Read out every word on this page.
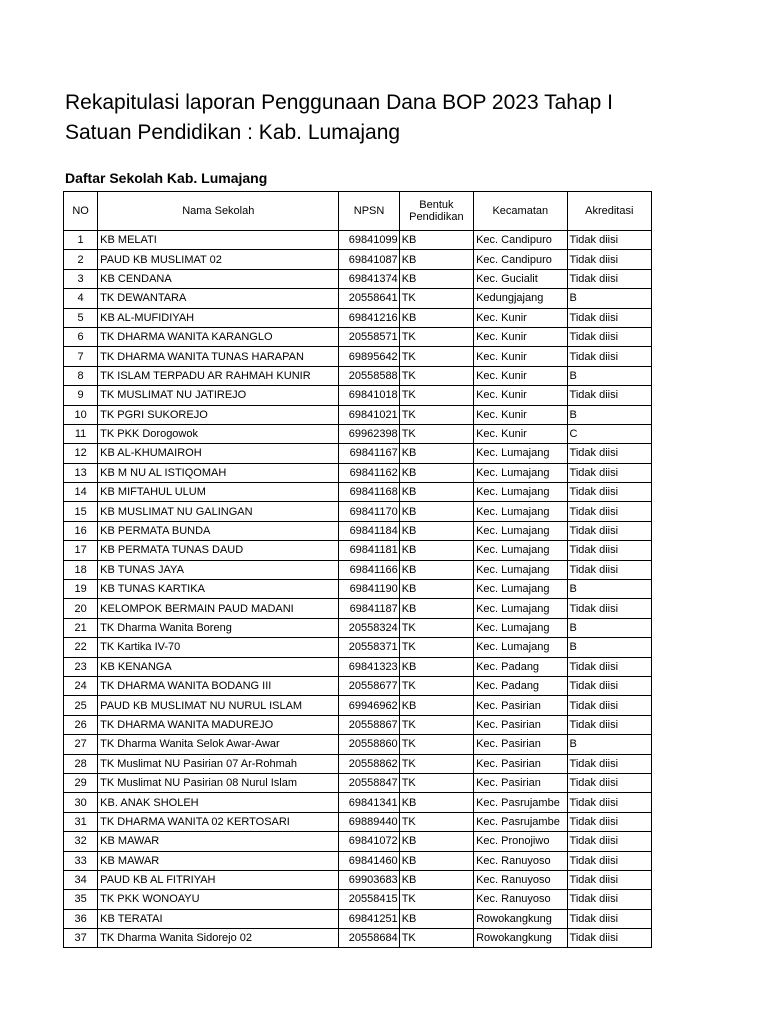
Rekapitulasi laporan Penggunaan Dana BOP 2023 Tahap I
Satuan Pendidikan : Kab. Lumajang
Daftar Sekolah Kab. Lumajang
NO	Nama Sekolah	NPSN	Bentuk Pendidikan	Kecamatan	Akreditasi
1	KB MELATI	69841099	KB	Kec. Candipuro	Tidak diisi
2	PAUD KB MUSLIMAT 02	69841087	KB	Kec. Candipuro	Tidak diisi
3	KB CENDANA	69841374	KB	Kec. Gucialit	Tidak diisi
4	TK DEWANTARA	20558641	TK	Kedungjajang	B
5	KB AL-MUFIDIYAH	69841216	KB	Kec. Kunir	Tidak diisi
6	TK DHARMA WANITA KARANGLO	20558571	TK	Kec. Kunir	Tidak diisi
7	TK DHARMA WANITA TUNAS HARAPAN	69895642	TK	Kec. Kunir	Tidak diisi
8	TK ISLAM TERPADU AR RAHMAH KUNIR	20558588	TK	Kec. Kunir	B
9	TK MUSLIMAT NU JATIREJO	69841018	TK	Kec. Kunir	Tidak diisi
10	TK PGRI SUKOREJO	69841021	TK	Kec. Kunir	B
11	TK PKK Dorogowok	69962398	TK	Kec. Kunir	C
12	KB AL-KHUMAIROH	69841167	KB	Kec. Lumajang	Tidak diisi
13	KB M NU AL ISTIQOMAH	69841162	KB	Kec. Lumajang	Tidak diisi
14	KB MIFTAHUL ULUM	69841168	KB	Kec. Lumajang	Tidak diisi
15	KB MUSLIMAT NU GALINGAN	69841170	KB	Kec. Lumajang	Tidak diisi
16	KB PERMATA BUNDA	69841184	KB	Kec. Lumajang	Tidak diisi
17	KB PERMATA TUNAS DAUD	69841181	KB	Kec. Lumajang	Tidak diisi
18	KB TUNAS JAYA	69841166	KB	Kec. Lumajang	Tidak diisi
19	KB TUNAS KARTIKA	69841190	KB	Kec. Lumajang	B
20	KELOMPOK BERMAIN PAUD MADANI	69841187	KB	Kec. Lumajang	Tidak diisi
21	TK Dharma Wanita Boreng	20558324	TK	Kec. Lumajang	B
22	TK Kartika IV-70	20558371	TK	Kec. Lumajang	B
23	KB KENANGA	69841323	KB	Kec. Padang	Tidak diisi
24	TK DHARMA WANITA BODANG III	20558677	TK	Kec. Padang	Tidak diisi
25	PAUD KB MUSLIMAT NU NURUL ISLAM	69946962	KB	Kec. Pasirian	Tidak diisi
26	TK DHARMA WANITA MADUREJO	20558867	TK	Kec. Pasirian	Tidak diisi
27	TK Dharma Wanita Selok Awar-Awar	20558860	TK	Kec. Pasirian	B
28	TK Muslimat NU Pasirian 07 Ar-Rohmah	20558862	TK	Kec. Pasirian	Tidak diisi
29	TK Muslimat NU Pasirian 08 Nurul Islam	20558847	TK	Kec. Pasirian	Tidak diisi
30	KB. ANAK SHOLEH	69841341	KB	Kec. Pasrujambe	Tidak diisi
31	TK DHARMA WANITA 02 KERTOSARI	69889440	TK	Kec. Pasrujambe	Tidak diisi
32	KB MAWAR	69841072	KB	Kec. Pronojiwo	Tidak diisi
33	KB MAWAR	69841460	KB	Kec. Ranuyoso	Tidak diisi
34	PAUD KB AL FITRIYAH	69903683	KB	Kec. Ranuyoso	Tidak diisi
35	TK PKK WONOAYU	20558415	TK	Kec. Ranuyoso	Tidak diisi
36	KB TERATAI	69841251	KB	Rowokangkung	Tidak diisi
37	TK Dharma Wanita Sidorejo 02	20558684	TK	Rowokangkung	Tidak diisi
